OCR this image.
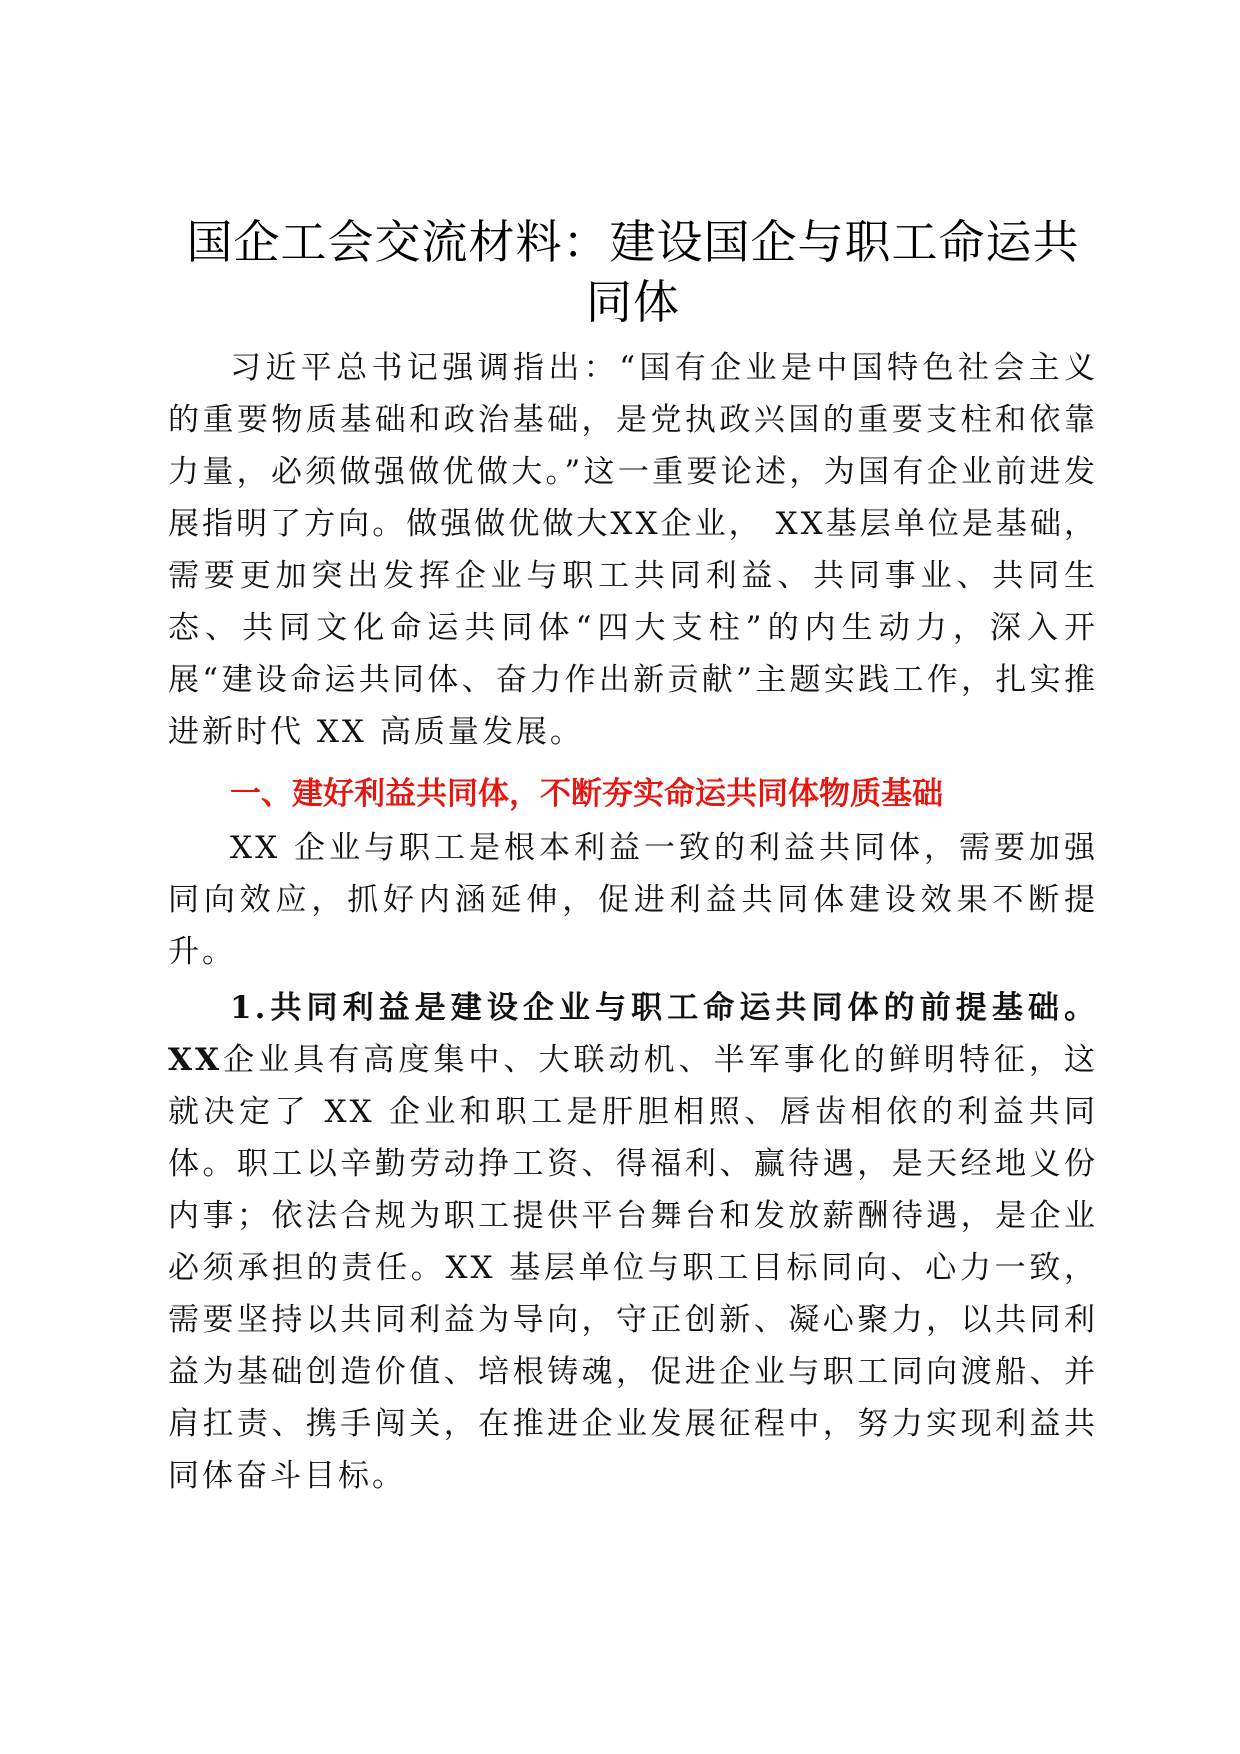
国企工会交流材料：建设国企与职工命运共同体

习近平总书记强调指出：“国有企业是中国特色社会主义的重要物质基础和政治基础，是党执政兴国的重要支柱和依靠力量，必须做强做优做大。”这一重要论述，为国有企业前进发展指明了方向。做强做优做大XX企业， XX基层单位是基础，需要更加突出发挥企业与职工共同利益、共同事业、共同生态、共同文化命运共同体“四大支柱”的内生动力，深入开展“建设命运共同体、奋力作出新贡献”主题实践工作，扎实推进新时代 XX 高质量发展。

一、建好利益共同体，不断夯实命运共同体物质基础

XX 企业与职工是根本利益一致的利益共同体，需要加强同向效应，抓好内涵延伸，促进利益共同体建设效果不断提升。

1.共同利益是建设企业与职工命运共同体的前提基础。XX企业具有高度集中、大联动机、半军事化的鲜明特征，这就决定了 XX 企业和职工是肝胆相照、唇齿相依的利益共同体。职工以辛勤劳动挣工资、得福利、赢待遇，是天经地义份内事；依法合规为职工提供平台舞台和发放薪酬待遇，是企业必须承担的责任。XX 基层单位与职工目标同向、心力一致，需要坚持以共同利益为导向，守正创新、凝心聚力，以共同利益为基础创造价值、培根铸魂，促进企业与职工同向渡船、并肩扛责、携手闯关，在推进企业发展征程中，努力实现利益共同体奋斗目标。
